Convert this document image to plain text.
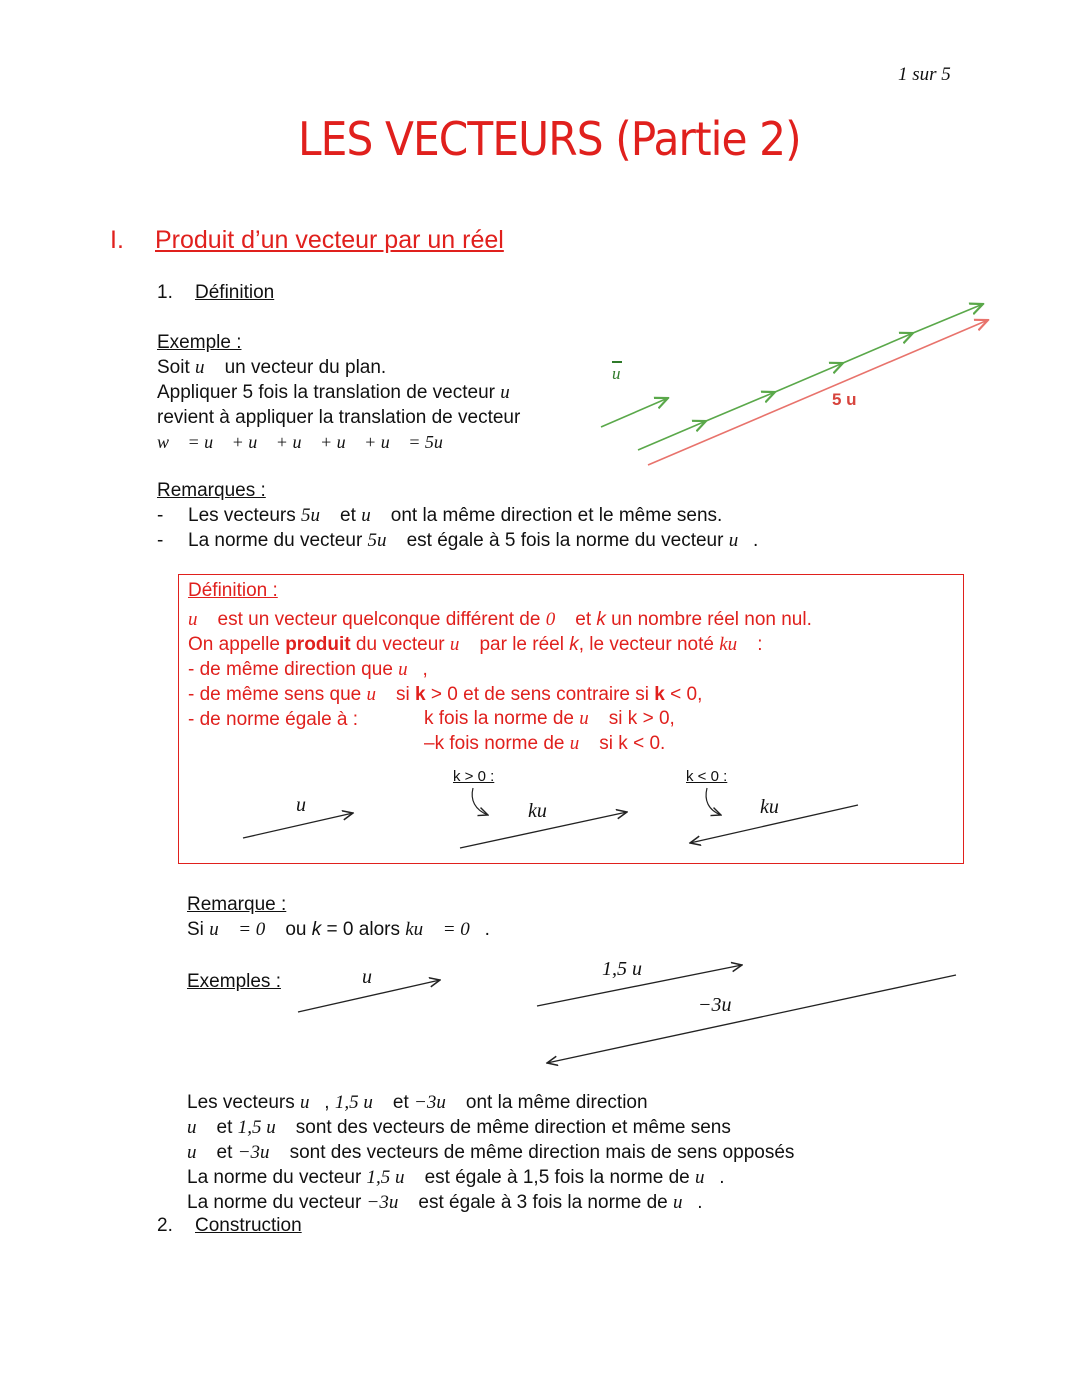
1 sur 5
LES VECTEURS (Partie 2)
I. Produit d’un vecteur par un réel
1. Définition
Exemple :
Soit u⃗ un vecteur du plan.
Appliquer 5 fois la translation de vecteur u⃗
revient à appliquer la translation de vecteur
w⃗ = u⃗ + u⃗ + u⃗ + u⃗ + u⃗ = 5u⃗
Remarques :
- Les vecteurs 5u⃗ et u⃗ ont la même direction et le même sens.
- La norme du vecteur 5u⃗ est égale à 5 fois la norme du vecteur u⃗.
Définition :
u⃗ est un vecteur quelconque différent de 0⃗ et k un nombre réel non nul.
On appelle produit du vecteur u⃗ par le réel k, le vecteur noté ku⃗ :
- de même direction que u⃗,
- de même sens que u⃗ si k > 0 et de sens contraire si k < 0,
- de norme égale à :	k fois la norme de u⃗ si k > 0,
–k fois norme de u⃗ si k < 0.
u⃗
k > 0 :	k < 0 :
ku⃗	ku⃗
Remarque :
Si u⃗ = 0⃗ ou k = 0 alors ku⃗ = 0⃗.
Exemples :	u⃗	1,5 u⃗
−3u⃗
Les vecteurs u⃗, 1,5 u⃗ et −3u⃗ ont la même direction
u⃗ et 1,5 u⃗ sont des vecteurs de même direction et même sens
u⃗ et −3u⃗ sont des vecteurs de même direction mais de sens opposés
La norme du vecteur 1,5 u⃗ est égale à 1,5 fois la norme de u⃗.
La norme du vecteur −3u⃗ est égale à 3 fois la norme de u⃗.
2. Construction
u
5 u
